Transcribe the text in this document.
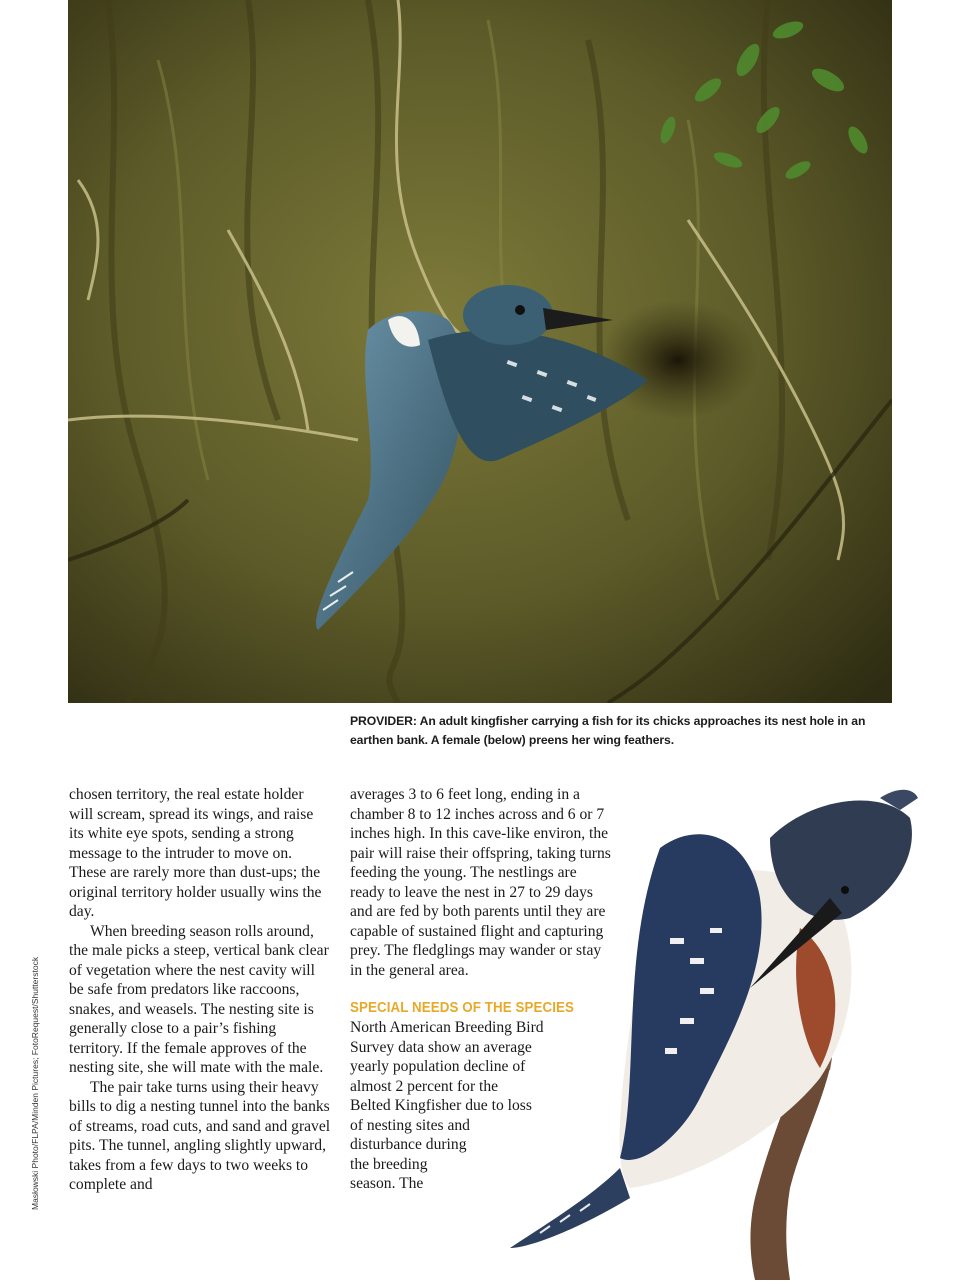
PROVIDER: An adult kingfisher carrying a fish for its chicks approaches its nest hole in an earthen bank. A female (below) preens her wing feathers.

chosen territory, the real estate holder will scream, spread its wings, and raise its white eye spots, sending a strong message to the intruder to move on. These are rarely more than dust-ups; the original territory holder usually wins the day.

When breeding season rolls around, the male picks a steep, vertical bank clear of vegetation where the nest cavity will be safe from predators like raccoons, snakes, and weasels. The nesting site is generally close to a pair’s fishing territory. If the female approves of the nesting site, she will mate with the male.

The pair take turns using their heavy bills to dig a nesting tunnel into the banks of streams, road cuts, and sand and gravel pits. The tunnel, angling slightly upward, takes from a few days to two weeks to complete and

averages 3 to 6 feet long, ending in a chamber 8 to 12 inches across and 6 or 7 inches high. In this cave-like environ, the pair will raise their offspring, taking turns feeding the young. The nestlings are ready to leave the nest in 27 to 29 days and are fed by both parents until they are capable of sustained flight and capturing prey. The fledglings may wander or stay in the general area.

SPECIAL NEEDS OF THE SPECIES
North American Breeding Bird
Survey data show an average
yearly population decline of
almost 2 percent for the
Belted Kingfisher due to loss
of nesting sites and
disturbance during
the breeding
season. The
Masłowski Photo/FLPA/Minden Pictures; FotoRequest/Shutterstock
